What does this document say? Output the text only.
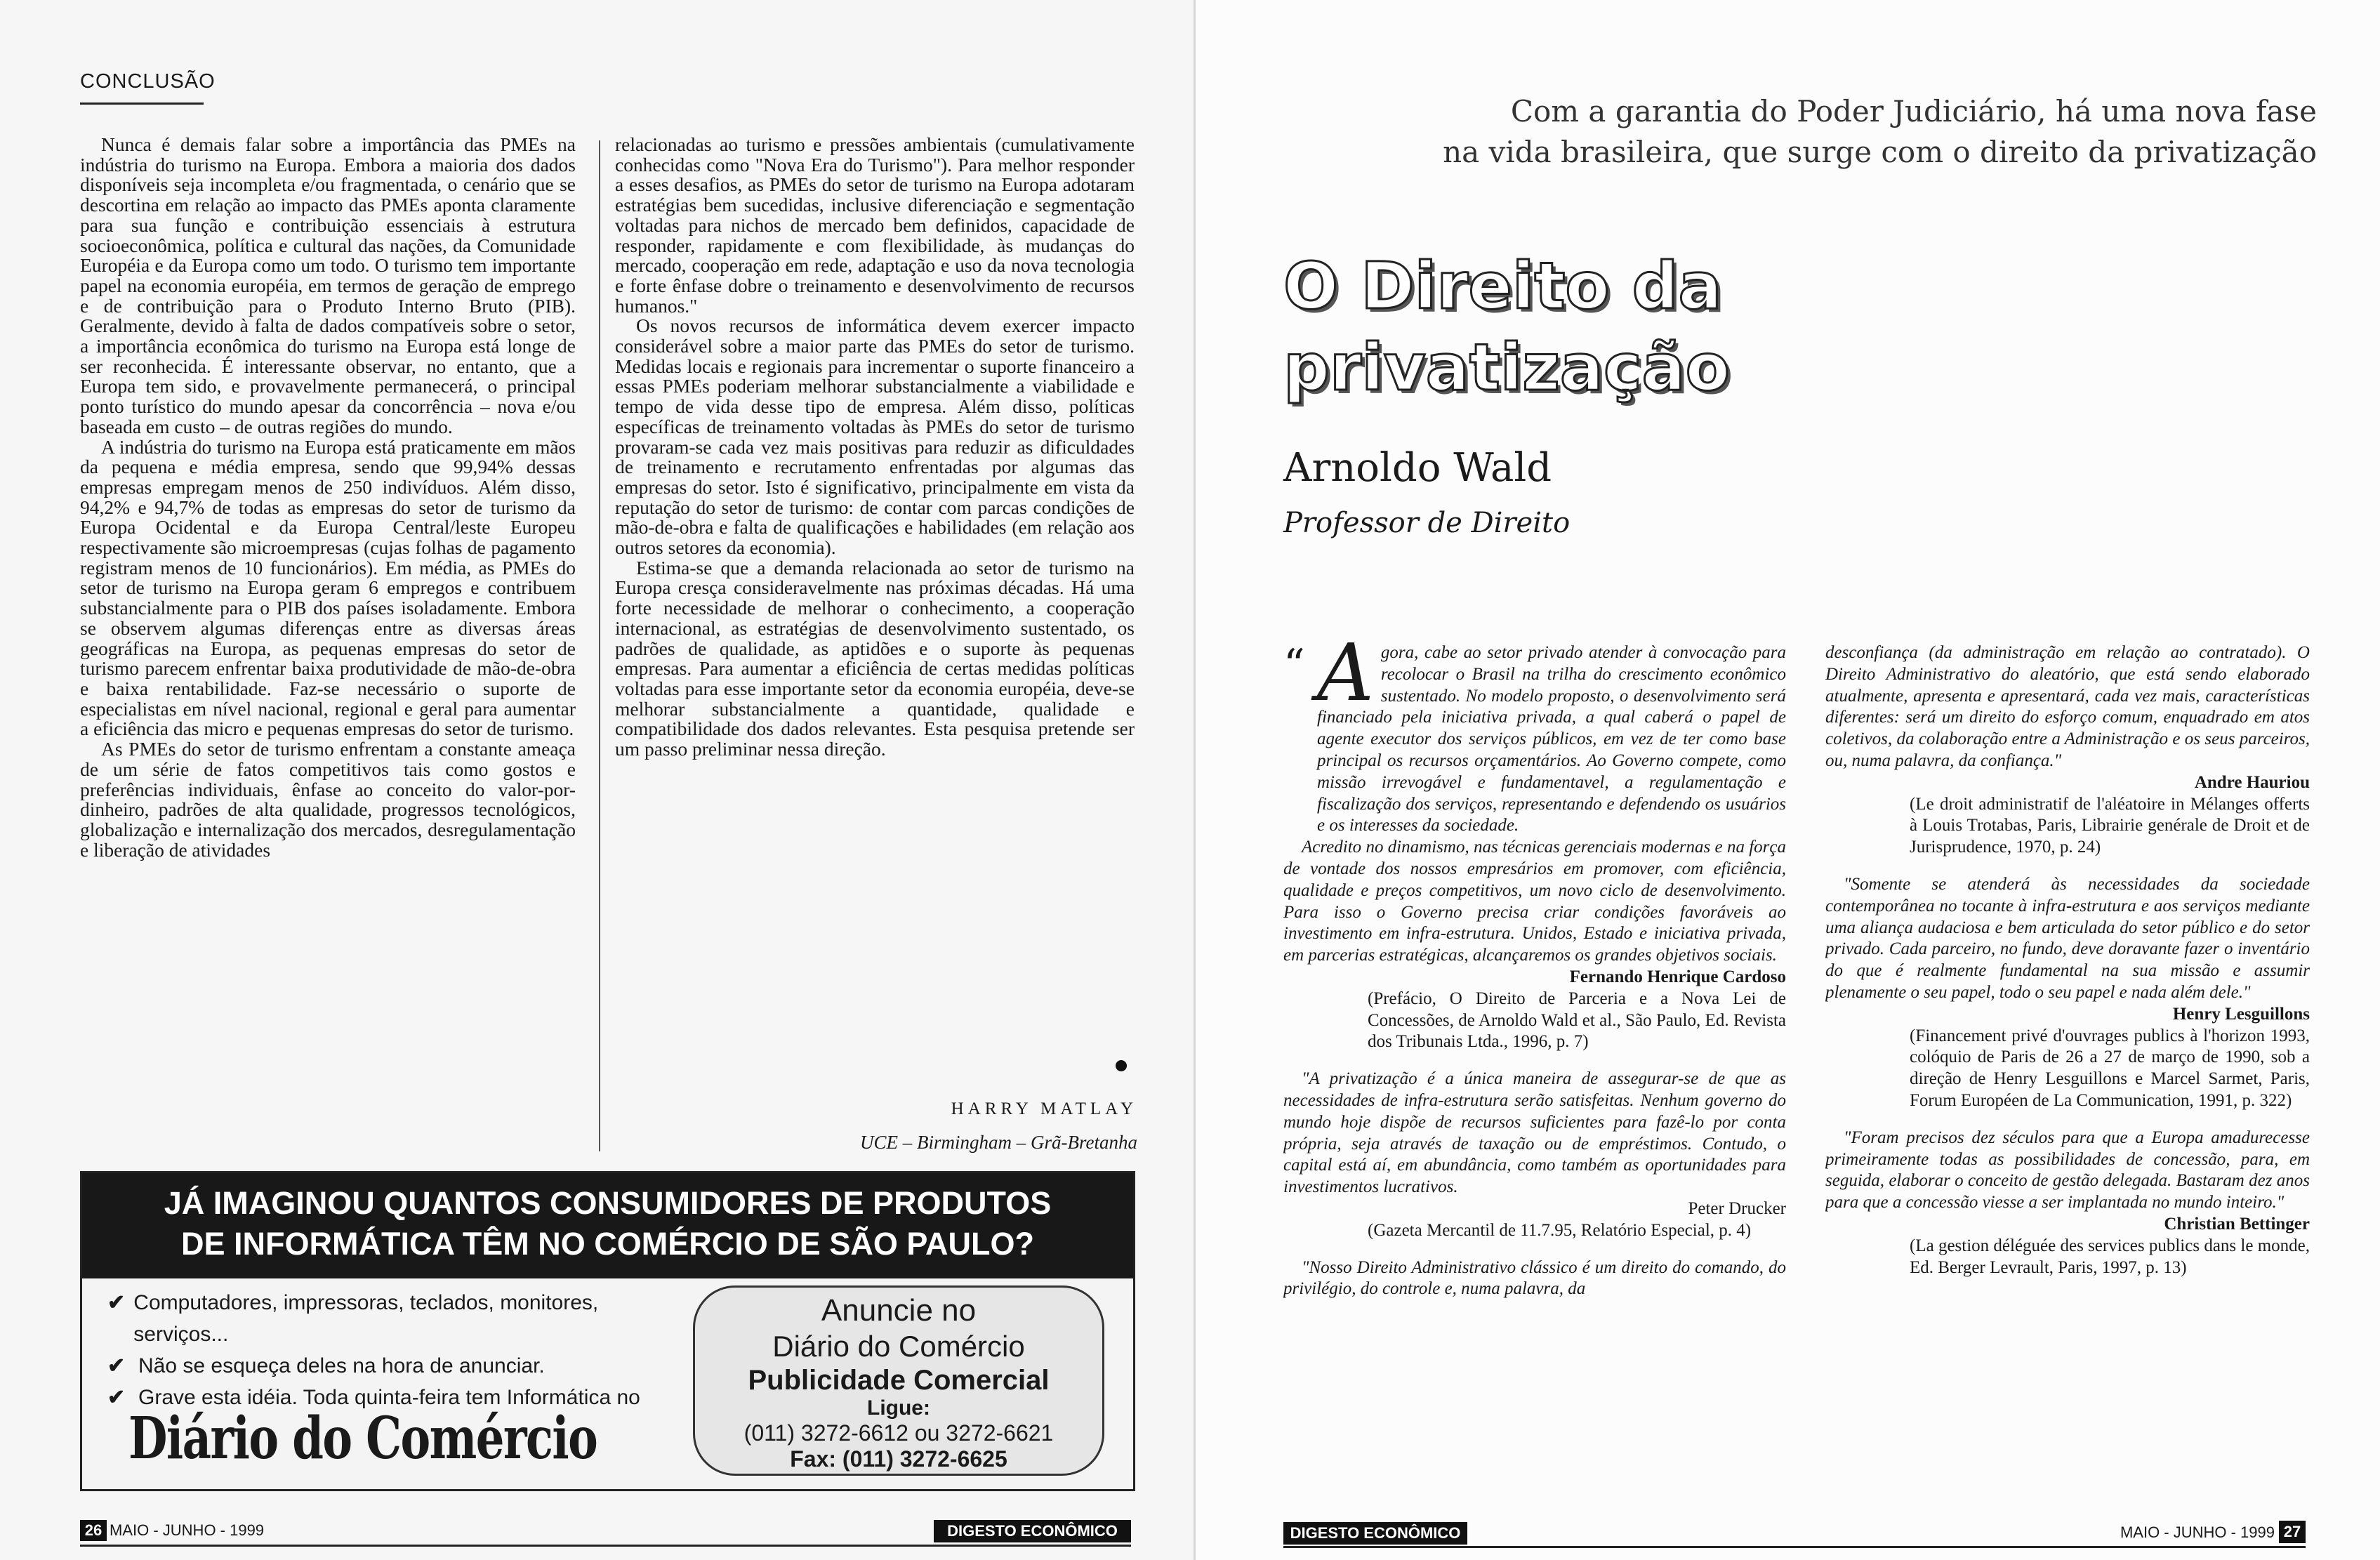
CONCLUSÃO

Nunca é demais falar sobre a importância das PMEs na indústria do turismo na Europa. Embora a maioria dos dados disponíveis seja incompleta e/ou fragmentada, o cenário que se descortina em relação ao impacto das PMEs aponta claramente para sua função e contribuição essenciais à estrutura socioeconômica, política e cultural das nações, da Comunidade Européia e da Europa como um todo. O turismo tem importante papel na economia européia, em termos de geração de emprego e de contribuição para o Produto Interno Bruto (PIB). Geralmente, devido à falta de dados compatíveis sobre o setor, a importância econômica do turismo na Europa está longe de ser reconhecida. É interessante observar, no entanto, que a Europa tem sido, e provavelmente permanecerá, o principal ponto turístico do mundo apesar da concorrência – nova e/ou baseada em custo – de outras regiões do mundo.

A indústria do turismo na Europa está praticamente em mãos da pequena e média empresa, sendo que 99,94% dessas empresas empregam menos de 250 indivíduos. Além disso, 94,2% e 94,7% de todas as empresas do setor de turismo da Europa Ocidental e da Europa Central/leste Europeu respectivamente são microempresas (cujas folhas de pagamento registram menos de 10 funcionários). Em média, as PMEs do setor de turismo na Europa geram 6 empregos e contribuem substancialmente para o PIB dos países isoladamente. Embora se observem algumas diferenças entre as diversas áreas geográficas na Europa, as pequenas empresas do setor de turismo parecem enfrentar baixa produtividade de mão-de-obra e baixa rentabilidade. Faz-se necessário o suporte de especialistas em nível nacional, regional e geral para aumentar a eficiência das micro e pequenas empresas do setor de turismo.

As PMEs do setor de turismo enfrentam a constante ameaça de um série de fatos competitivos tais como gostos e preferências individuais, ênfase ao conceito do valor-por-dinheiro, padrões de alta qualidade, progressos tecnológicos, globalização e internalização dos mercados, desregulamentação e liberação de atividades

relacionadas ao turismo e pressões ambientais (cumulativamente conhecidas como "Nova Era do Turismo"). Para melhor responder a esses desafios, as PMEs do setor de turismo na Europa adotaram estratégias bem sucedidas, inclusive diferenciação e segmentação voltadas para nichos de mercado bem definidos, capacidade de responder, rapidamente e com flexibilidade, às mudanças do mercado, cooperação em rede, adaptação e uso da nova tecnologia e forte ênfase dobre o treinamento e desenvolvimento de recursos humanos."

Os novos recursos de informática devem exercer impacto considerável sobre a maior parte das PMEs do setor de turismo. Medidas locais e regionais para incrementar o suporte financeiro a essas PMEs poderiam melhorar substancialmente a viabilidade e tempo de vida desse tipo de empresa. Além disso, políticas específicas de treinamento voltadas às PMEs do setor de turismo provaram-se cada vez mais positivas para reduzir as dificuldades de treinamento e recrutamento enfrentadas por algumas das empresas do setor. Isto é significativo, principalmente em vista da reputação do setor de turismo: de contar com parcas condições de mão-de-obra e falta de qualificações e habilidades (em relação aos outros setores da economia).

Estima-se que a demanda relacionada ao setor de turismo na Europa cresça consideravelmente nas próximas décadas. Há uma forte necessidade de melhorar o conhecimento, a cooperação internacional, as estratégias de desenvolvimento sustentado, os padrões de qualidade, as aptidões e o suporte às pequenas empresas. Para aumentar a eficiência de certas medidas políticas voltadas para esse importante setor da economia européia, deve-se melhorar substancialmente a quantidade, qualidade e compatibilidade dos dados relevantes. Esta pesquisa pretende ser um passo preliminar nessa direção.

HARRY MATLAY
UCE – Birmingham – Grã-Bretanha
JÁ IMAGINOU QUANTOS CONSUMIDORES DE PRODUTOS
DE INFORMÁTICA TÊM NO COMÉRCIO DE SÃO PAULO?
✔ Computadores, impressoras, teclados, monitores, serviços...
✔ Não se esqueça deles na hora de anunciar.
✔ Grave esta idéia. Toda quinta-feira tem Informática no
Diário do Comércio
Anuncie no
Diário do Comércio
Publicidade Comercial
Ligue:
(011) 3272-6612 ou 3272-6621
Fax: (011) 3272-6625
26 MAIO - JUNHO - 1999	DIGESTO ECONÔMICO
Com a garantia do Poder Judiciário, há uma nova fase
na vida brasileira, que surge com o direito da privatização
O Direito da
privatização
Arnoldo Wald
Professor de Direito

Agora, cabe ao setor privado atender à convocação para recolocar o Brasil na trilha do crescimento econômico sustentado. No modelo proposto, o desenvolvimento será financiado pela iniciativa privada, a qual caberá o papel de agente executor dos serviços públicos, em vez de ter como base principal os recursos orçamentários. Ao Governo compete, como missão irrevogável e fundamentavel, a regulamentação e fiscalização dos serviços, representando e defendendo os usuários e os interesses da sociedade.

Acredito no dinamismo, nas técnicas gerenciais modernas e na força de vontade dos nossos empresários em promover, com eficiência, qualidade e preços competitivos, um novo ciclo de desenvolvimento. Para isso o Governo precisa criar condições favoráveis ao investimento em infra-estrutura. Unidos, Estado e iniciativa privada, em parcerias estratégicas, alcançaremos os grandes objetivos sociais.

Fernando Henrique Cardoso

(Prefácio, O Direito de Parceria e a Nova Lei de Concessões, de Arnoldo Wald et al., São Paulo, Ed. Revista dos Tribunais Ltda., 1996, p. 7)

"A privatização é a única maneira de assegurar-se de que as necessidades de infra-estrutura serão satisfeitas. Nenhum governo do mundo hoje dispõe de recursos suficientes para fazê-lo por conta própria, seja através de taxação ou de empréstimos. Contudo, o capital está aí, em abundância, como também as oportunidades para investimentos lucrativos.

Peter Drucker

(Gazeta Mercantil de 11.7.95, Relatório Especial, p. 4)

"Nosso Direito Administrativo clássico é um direito do comando, do privilégio, do controle e, numa palavra, da

“	desconfiança (da administração em relação ao contratado). O Direito Administrativo do aleatório, que está sendo elaborado atualmente, apresenta e apresentará, cada vez mais, características diferentes: será um direito do esforço comum, enquadrado em atos coletivos, da colaboração entre a Administração e os seus parceiros, ou, numa palavra, da confiança."

Andre Hauriou

(Le droit administratif de l'aléatoire in Mélanges offerts à Louis Trotabas, Paris, Librairie genérale de Droit et de Jurisprudence, 1970, p. 24)

"Somente se atenderá às necessidades da sociedade contemporânea no tocante à infra-estrutura e aos serviços mediante uma aliança audaciosa e bem articulada do setor público e do setor privado. Cada parceiro, no fundo, deve doravante fazer o inventário do que é realmente fundamental na sua missão e assumir plenamente o seu papel, todo o seu papel e nada além dele."

Henry Lesguillons

(Financement privé d'ouvrages publics à l'horizon 1993, colóquio de Paris de 26 a 27 de março de 1990, sob a direção de Henry Lesguillons e Marcel Sarmet, Paris, Forum Européen de La Communication, 1991, p. 322)

"Foram precisos dez séculos para que a Europa amadurecesse primeiramente todas as possibilidades de concessão, para, em seguida, elaborar o conceito de gestão delegada. Bastaram dez anos para que a concessão viesse a ser implantada no mundo inteiro."

Christian Bettinger

(La gestion déléguée des services publics dans le monde, Ed. Berger Levrault, Paris, 1997, p. 13)

DIGESTO ECONÔMICO	MAIO - JUNHO - 1999 27
